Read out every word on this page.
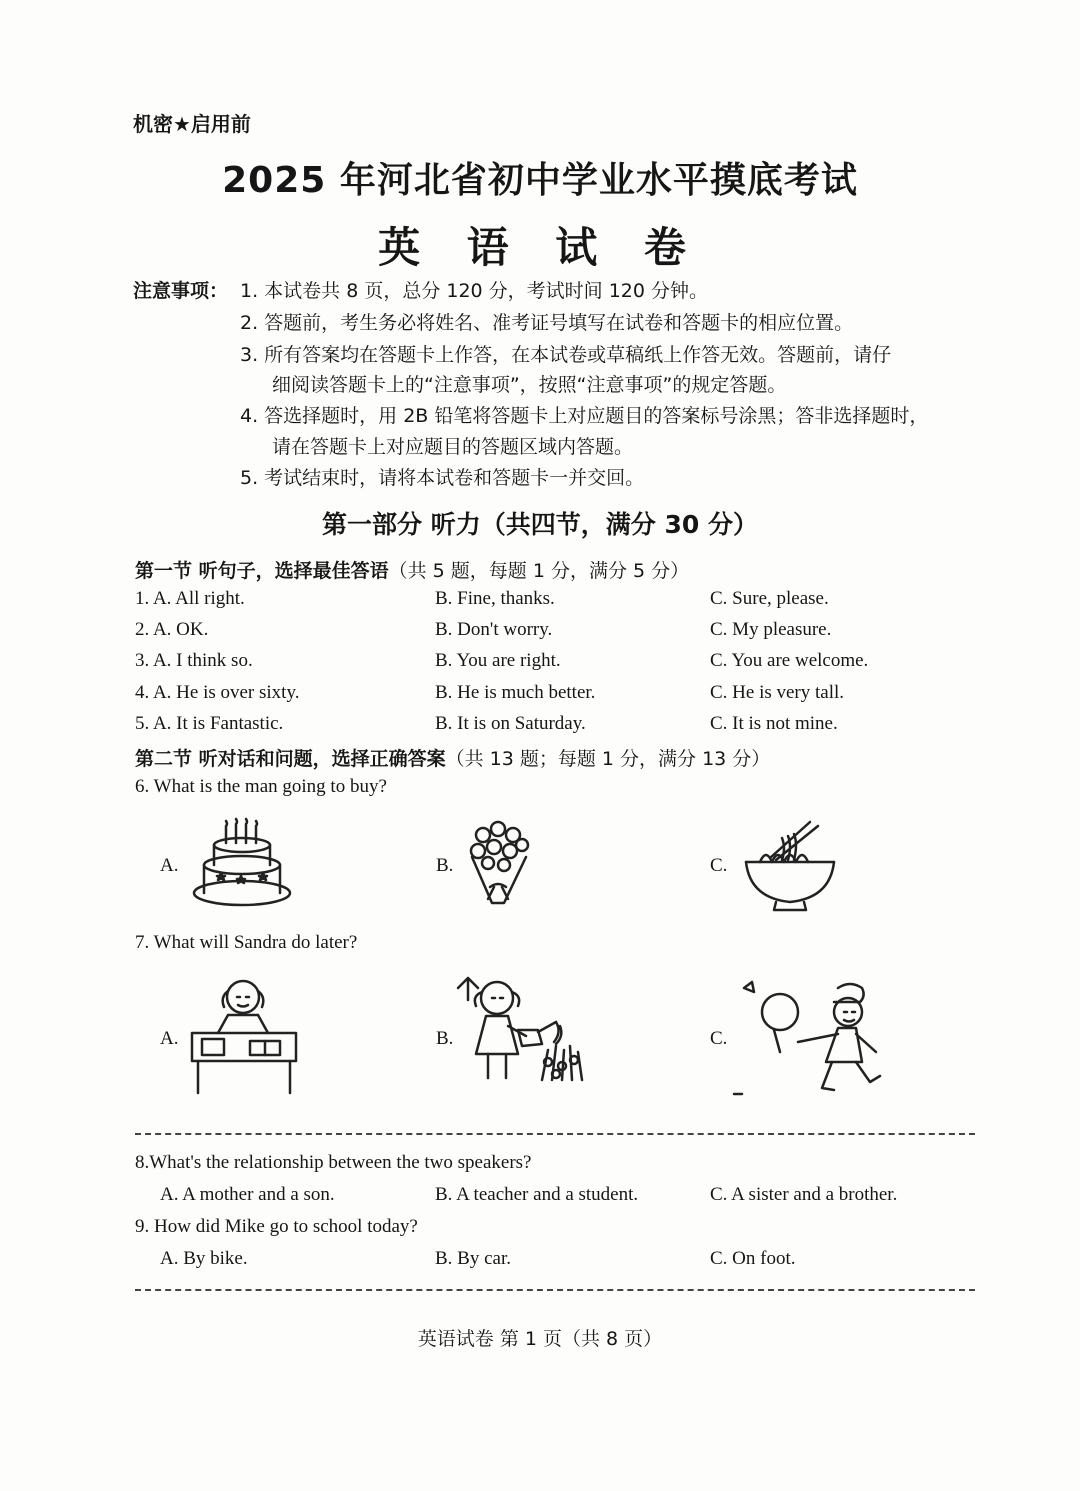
机密★启用前
2025 年河北省初中学业水平摸底考试
英 语 试 卷
注意事项： 1. 本试卷共 8 页，总分 120 分，考试时间 120 分钟。
2. 答题前，考生务必将姓名、准考证号填写在试卷和答题卡的相应位置。
3. 所有答案均在答题卡上作答，在本试卷或草稿纸上作答无效。答题前，请仔
细阅读答题卡上的“注意事项”，按照“注意事项”的规定答题。
4. 答选择题时，用 2B 铅笔将答题卡上对应题目的答案标号涂黑；答非选择题时，
请在答题卡上对应题目的答题区域内答题。
5. 考试结束时，请将本试卷和答题卡一并交回。
第一部分 听力（共四节，满分 30 分）
第一节 听句子，选择最佳答语（共 5 题，每题 1 分，满分 5 分）
1. A. All right.	B. Fine, thanks.	C. Sure, please.
2. A. OK.	B. Don't worry.	C. My pleasure.
3. A. I think so.	B. You are right.	C. You are welcome.
4. A. He is over sixty.	B. He is much better.	C. He is very tall.
5. A. It is Fantastic.	B. It is on Saturday.	C. It is not mine.
第二节 听对话和问题，选择正确答案（共 13 题；每题 1 分，满分 13 分）
6. What is the man going to buy?
A.	B.	C.
7. What will Sandra do later?
A.	B.	C.
8.What's the relationship between the two speakers?
A. A mother and a son.	B. A teacher and a student.	C. A sister and a brother.
9. How did Mike go to school today?
A. By bike.	B. By car.	C. On foot.
英语试卷 第 1 页（共 8 页）
